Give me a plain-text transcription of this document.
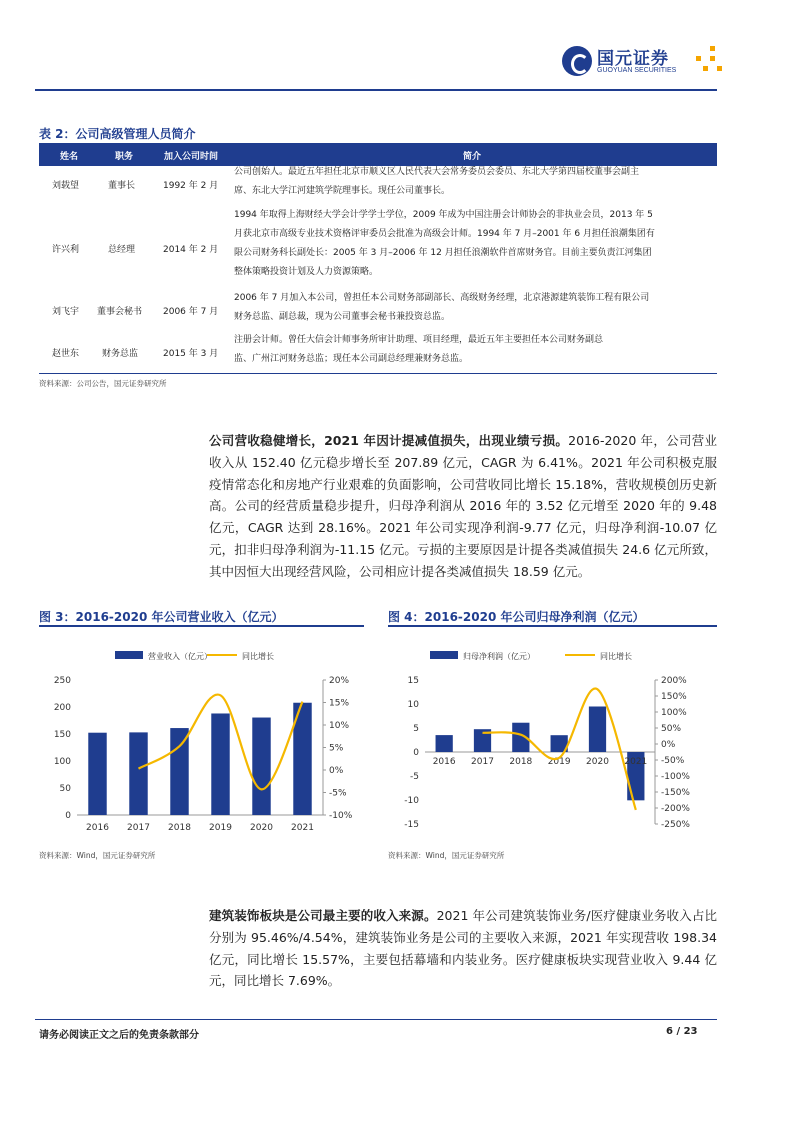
国元证券
GUOYUAN SECURITIES
表 2：公司高级管理人员简介
姓名	职务	加入公司时间	简介
刘载望	董事长	1992 年 2 月
公司创始人。最近五年担任北京市顺义区人民代表大会常务委员会委员、东北大学第四届校董事会副主
席、东北大学江河建筑学院理事长。现任公司董事长。
许兴利	总经理	2014 年 2 月
1994 年取得上海财经大学会计学学士学位，2009 年成为中国注册会计师协会的非执业会员，2013 年 5
月获北京市高级专业技术资格评审委员会批准为高级会计师。1994 年 7 月–2001 年 6 月担任浪潮集团有
限公司财务科长副处长：2005 年 3 月–2006 年 12 月担任浪潮软件首席财务官。目前主要负责江河集团
整体策略投资计划及人力资源策略。
刘飞宇 董事会秘书 2006 年 7 月
2006 年 7 月加入本公司，曾担任本公司财务部副部长、高级财务经理，北京港源建筑装饰工程有限公司
财务总监、副总裁，现为公司董事会秘书兼投资总监。
赵世东	财务总监	2015 年 3 月
注册会计师。曾任大信会计师事务所审计助理、项目经理，最近五年主要担任本公司财务副总
监、广州江河财务总监；现任本公司副总经理兼财务总监。
资料来源：公司公告，国元证券研究所
公司营收稳健增长，2021 年因计提减值损失，出现业绩亏损。2016-2020 年，公司营业收入从 152.40 亿元稳步增长至 207.89 亿元，CAGR 为 6.41%。2021 年公司积极克服疫情常态化和房地产行业艰难的负面影响，公司营收同比增长 15.18%，营收规模创历史新高。公司的经营质量稳步提升，归母净利润从 2016 年的 3.52 亿元增至 2020 年的 9.48 亿元，CAGR 达到 28.16%。2021 年公司实现净利润-9.77 亿元，归母净利润-10.07 亿元，扣非归母净利润为-11.15 亿元。亏损的主要原因是计提各类减值损失 24.6 亿元所致，其中因恒大出现经营风险，公司相应计提各类减值损失 18.59 亿元。
图 3：2016-2020 年公司营业收入（亿元）	图 4：2016-2020 年公司归母净利润（亿元）
营业收入（亿元）	同比增长
0
50
100
150
200
250
-10%
-5%
0%
5%
10%
15%
20%
2016 2017 2018 2019 2020 2021
归母净利润（亿元）	同比增长
-15
-10
-5
0
5
10
15
-250%
-200%
-150%
-100%
-50%
0%
50%
100%
150%
200%
2016 2017 2018 2019 2020 2021
资料来源：Wind，国元证券研究所	资料来源：Wind，国元证券研究所
建筑装饰板块是公司最主要的收入来源。2021 年公司建筑装饰业务/医疗健康业务收入占比分别为 95.46%/4.54%，建筑装饰业务是公司的主要收入来源，2021 年实现营收 198.34 亿元，同比增长 15.57%，主要包括幕墙和内装业务。医疗健康板块实现营业收入 9.44 亿元，同比增长 7.69%。
请务必阅读正文之后的免责条款部分	6 / 23
